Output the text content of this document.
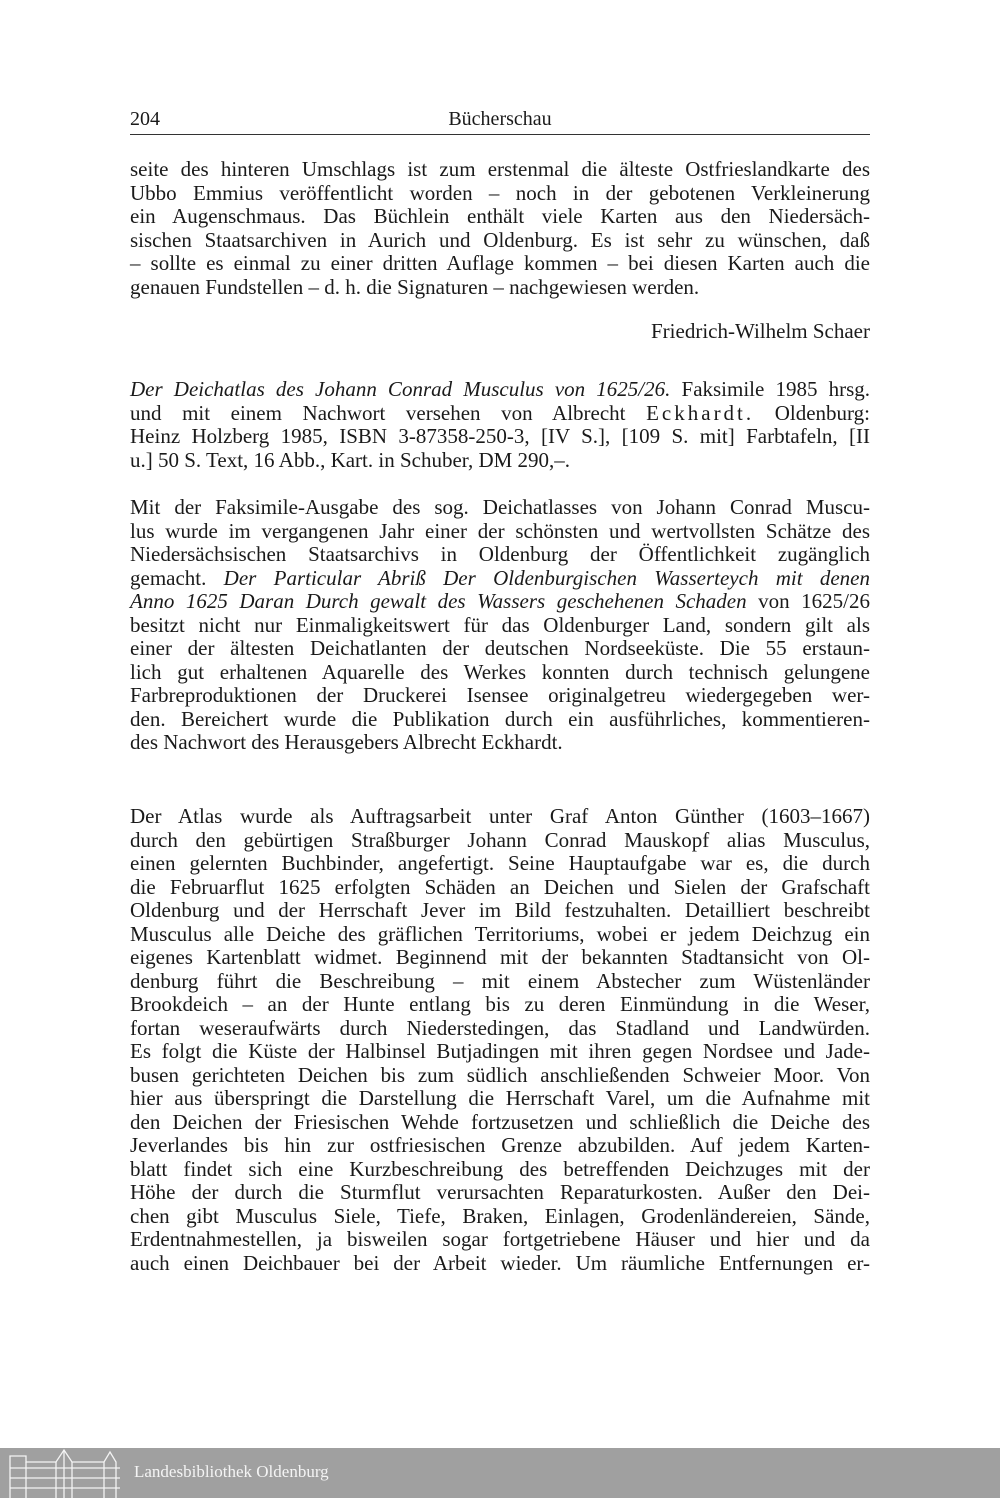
204	Bücherschau
seite des hinteren Umschlags ist zum erstenmal die älteste Ostfrieslandkarte des
Ubbo Emmius veröffentlicht worden – noch in der gebotenen Verkleinerung
ein Augenschmaus. Das Büchlein enthält viele Karten aus den Niedersäch-
sischen Staatsarchiven in Aurich und Oldenburg. Es ist sehr zu wünschen, daß
– sollte es einmal zu einer dritten Auflage kommen – bei diesen Karten auch die
genauen Fundstellen – d. h. die Signaturen – nachgewiesen werden.
Friedrich-Wilhelm Schaer
Der Deichatlas des Johann Conrad Musculus von 1625/26. Faksimile 1985 hrsg.
und mit einem Nachwort versehen von Albrecht Eckhardt. Oldenburg:
Heinz Holzberg 1985, ISBN 3-87358-250-3, [IV S.], [109 S. mit] Farbtafeln, [II
u.] 50 S. Text, 16 Abb., Kart. in Schuber, DM 290,–.
Mit der Faksimile-Ausgabe des sog. Deichatlasses von Johann Conrad Muscu-
lus wurde im vergangenen Jahr einer der schönsten und wertvollsten Schätze des
Niedersächsischen Staatsarchivs in Oldenburg der Öffentlichkeit zugänglich
gemacht. Der Particular Abriß Der Oldenburgischen Wasserteych mit denen
Anno 1625 Daran Durch gewalt des Wassers geschehenen Schaden von 1625/26
besitzt nicht nur Einmaligkeitswert für das Oldenburger Land, sondern gilt als
einer der ältesten Deichatlanten der deutschen Nordseeküste. Die 55 erstaun-
lich gut erhaltenen Aquarelle des Werkes konnten durch technisch gelungene
Farbreproduktionen der Druckerei Isensee originalgetreu wiedergegeben wer-
den. Bereichert wurde die Publikation durch ein ausführliches, kommentieren-
des Nachwort des Herausgebers Albrecht Eckhardt.
Der Atlas wurde als Auftragsarbeit unter Graf Anton Günther (1603–1667)
durch den gebürtigen Straßburger Johann Conrad Mauskopf alias Musculus,
einen gelernten Buchbinder, angefertigt. Seine Hauptaufgabe war es, die durch
die Februarflut 1625 erfolgten Schäden an Deichen und Sielen der Grafschaft
Oldenburg und der Herrschaft Jever im Bild festzuhalten. Detailliert beschreibt
Musculus alle Deiche des gräflichen Territoriums, wobei er jedem Deichzug ein
eigenes Kartenblatt widmet. Beginnend mit der bekannten Stadtansicht von Ol-
denburg führt die Beschreibung – mit einem Abstecher zum Wüstenländer
Brookdeich – an der Hunte entlang bis zu deren Einmündung in die Weser,
fortan weseraufwärts durch Niederstedingen, das Stadland und Landwürden.
Es folgt die Küste der Halbinsel Butjadingen mit ihren gegen Nordsee und Jade-
busen gerichteten Deichen bis zum südlich anschließenden Schweier Moor. Von
hier aus überspringt die Darstellung die Herrschaft Varel, um die Aufnahme mit
den Deichen der Friesischen Wehde fortzusetzen und schließlich die Deiche des
Jeverlandes bis hin zur ostfriesischen Grenze abzubilden. Auf jedem Karten-
blatt findet sich eine Kurzbeschreibung des betreffenden Deichzuges mit der
Höhe der durch die Sturmflut verursachten Reparaturkosten. Außer den Dei-
chen gibt Musculus Siele, Tiefe, Braken, Einlagen, Grodenländereien, Sände,
Erdentnahmestellen, ja bisweilen sogar fortgetriebene Häuser und hier und da
auch einen Deichbauer bei der Arbeit wieder. Um räumliche Entfernungen er-
Landesbibliothek Oldenburg
